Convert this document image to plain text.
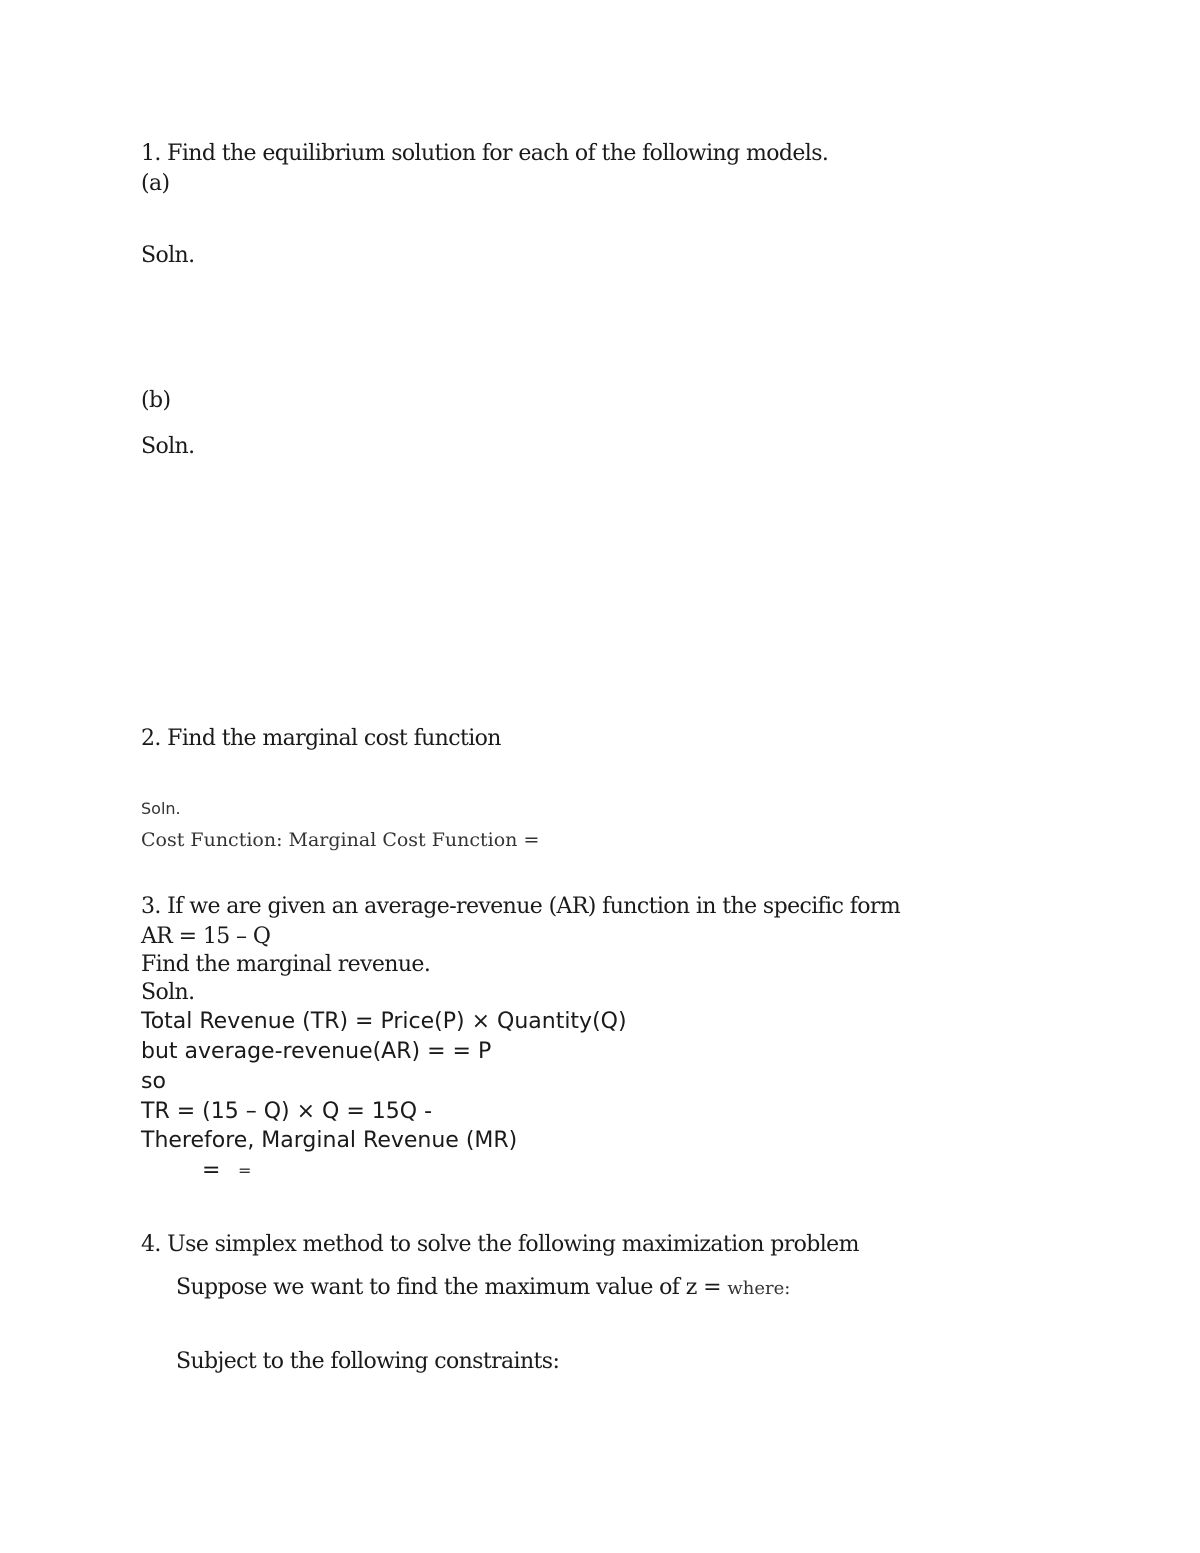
1. Find the equilibrium solution for each of the following models.
(a)
Soln.
(b)
Soln.
2. Find the marginal cost function
Soln.
Cost Function: Marginal Cost Function =
3. If we are given an average-revenue (AR) function in the specific form
AR = 15 – Q
Find the marginal revenue.
Soln.
Total Revenue (TR) = Price(P) × Quantity(Q)
but average-revenue(AR) = = P
so
TR = (15 – Q) × Q = 15Q -
Therefore, Marginal Revenue (MR)
= =
4. Use simplex method to solve the following maximization problem
Suppose we want to find the maximum value of z = where:
Subject to the following constraints:
